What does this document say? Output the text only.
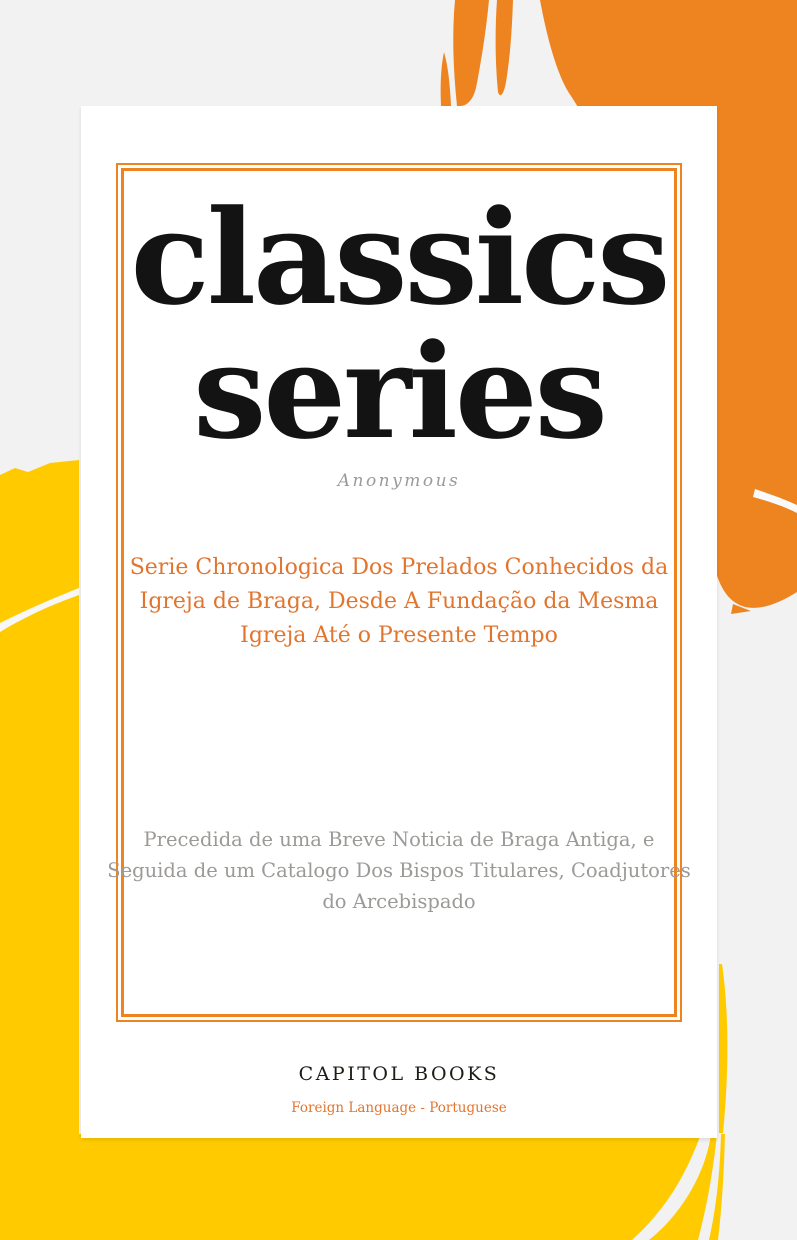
classics
series
Anonymous
Serie Chronologica Dos Prelados Conhecidos da
Igreja de Braga, Desde A Fundação da Mesma
Igreja Até o Presente Tempo
Precedida de uma Breve Noticia de Braga Antiga, e
Seguida de um Catalogo Dos Bispos Titulares, Coadjutores
do Arcebispado
CAPITOL BOOKS
Foreign Language - Portuguese
